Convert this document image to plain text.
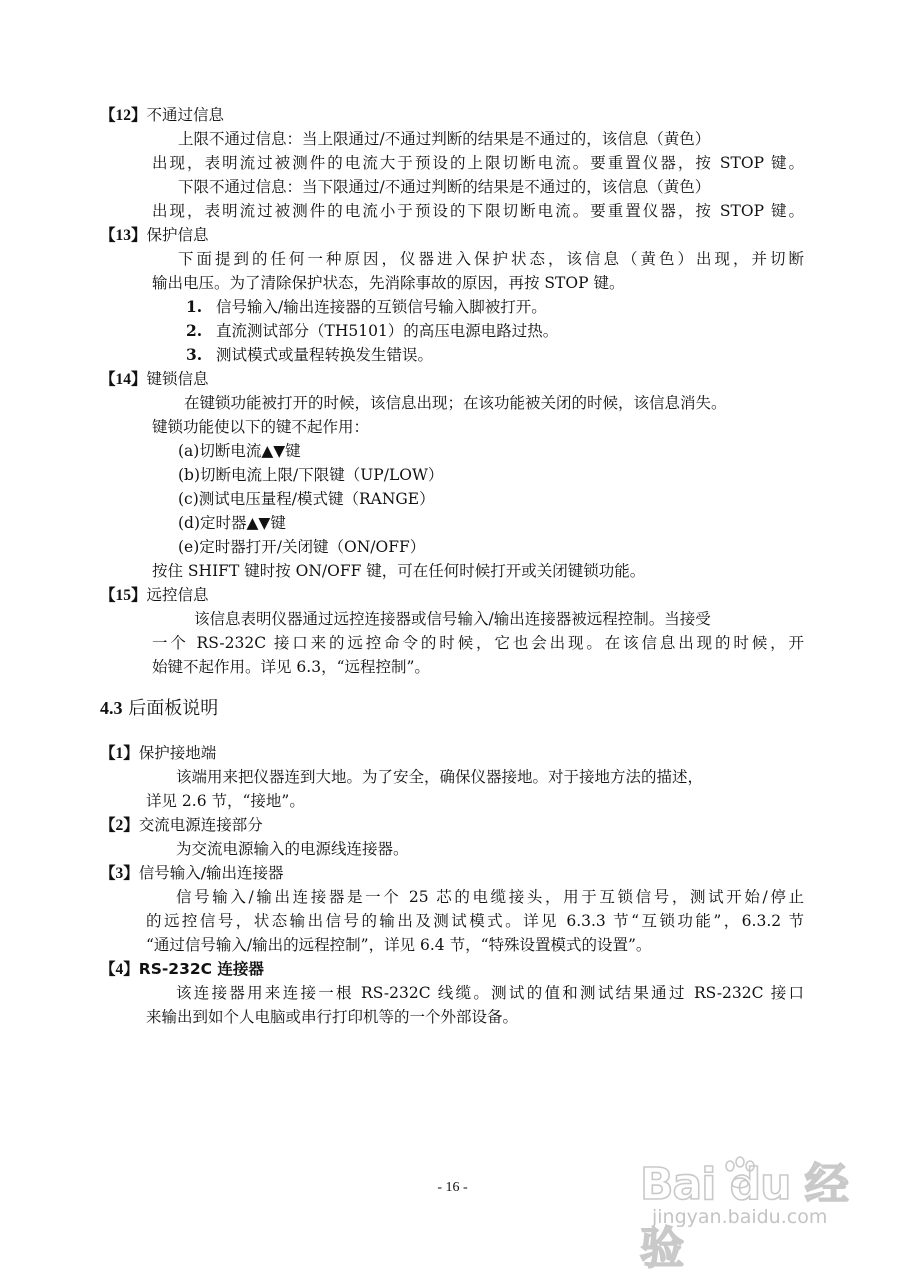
【12】不通过信息
上限不通过信息：当上限通过/不通过判断的结果是不通过的，该信息（黄色）
出现，表明流过被测件的电流大于预设的上限切断电流。要重置仪器，按 STOP 键。
下限不通过信息：当下限通过/不通过判断的结果是不通过的，该信息（黄色）
出现，表明流过被测件的电流小于预设的下限切断电流。要重置仪器，按 STOP 键。
【13】保护信息
下面提到的任何一种原因，仪器进入保护状态，该信息（黄色）出现，并切断
输出电压。为了清除保护状态，先消除事故的原因，再按 STOP 键。
1. 信号输入/输出连接器的互锁信号输入脚被打开。
2. 直流测试部分（TH5101）的高压电源电路过热。
3. 测试模式或量程转换发生错误。
【14】键锁信息
在键锁功能被打开的时候，该信息出现；在该功能被关闭的时候，该信息消失。
键锁功能使以下的键不起作用：
(a)切断电流▲▼键
(b)切断电流上限/下限键（UP/LOW）
(c)测试电压量程/模式键（RANGE）
(d)定时器▲▼键
(e)定时器打开/关闭键（ON/OFF）
按住 SHIFT 键时按 ON/OFF 键，可在任何时候打开或关闭键锁功能。
【15】远控信息
该信息表明仪器通过远控连接器或信号输入/输出连接器被远程控制。当接受
一个 RS-232C 接口来的远控命令的时候，它也会出现。在该信息出现的时候，开
始键不起作用。详见 6.3，“远程控制”。
4.3 后面板说明
【1】保护接地端
该端用来把仪器连到大地。为了安全，确保仪器接地。对于接地方法的描述，
详见 2.6 节，“接地”。
【2】交流电源连接部分
为交流电源输入的电源线连接器。
【3】信号输入/输出连接器
信号输入/输出连接器是一个 25 芯的电缆接头，用于互锁信号，测试开始/停止
的远控信号，状态输出信号的输出及测试模式。详见 6.3.3 节“互锁功能”，6.3.2 节
“通过信号输入/输出的远程控制”，详见 6.4 节，“特殊设置模式的设置”。
【4】RS-232C 连接器
该连接器用来连接一根 RS-232C 线缆。测试的值和测试结果通过 RS-232C 接口
来输出到如个人电脑或串行打印机等的一个外部设备。
- 16 -	Bai du 经验
jingyan.baidu.com
